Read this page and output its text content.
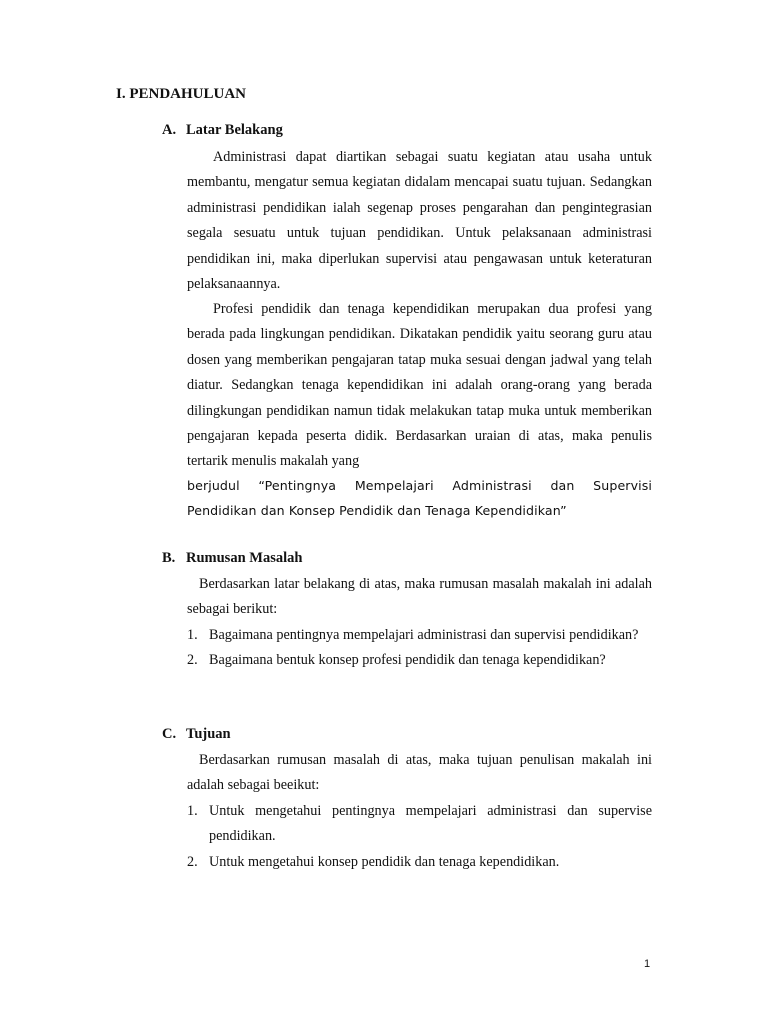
I. PENDAHULUAN
A. Latar Belakang

Administrasi dapat diartikan sebagai suatu kegiatan atau usaha untuk membantu, mengatur semua kegiatan didalam mencapai suatu tujuan. Sedangkan administrasi pendidikan ialah segenap proses pengarahan dan pengintegrasian segala sesuatu untuk tujuan pendidikan. Untuk pelaksanaan administrasi pendidikan ini, maka diperlukan supervisi atau pengawasan untuk keteraturan pelaksanaannya.

Profesi pendidik dan tenaga kependidikan merupakan dua profesi yang berada pada lingkungan pendidikan. Dikatakan pendidik yaitu seorang guru atau dosen yang memberikan pengajaran tatap muka sesuai dengan jadwal yang telah diatur. Sedangkan tenaga kependidikan ini adalah orang-orang yang berada dilingkungan pendidikan namun tidak melakukan tatap muka untuk memberikan pengajaran kepada peserta didik. Berdasarkan uraian di atas, maka penulis tertarik menulis makalah yang

berjudul “Pentingnya Mempelajari Administrasi dan Supervisi Pendidikan dan Konsep Pendidik dan Tenaga Kependidikan”

B. Rumusan Masalah

Berdasarkan latar belakang di atas, maka rumusan masalah makalah ini adalah sebagai berikut:

1. Bagaimana pentingnya mempelajari administrasi dan supervisi pendidikan?
2. Bagaimana bentuk konsep profesi pendidik dan tenaga kependidikan?
C. Tujuan

Berdasarkan rumusan masalah di atas, maka tujuan penulisan makalah ini adalah sebagai beeikut:

1. Untuk mengetahui pentingnya mempelajari administrasi dan supervise pendidikan.
2. Untuk mengetahui konsep pendidik dan tenaga kependidikan.

1
